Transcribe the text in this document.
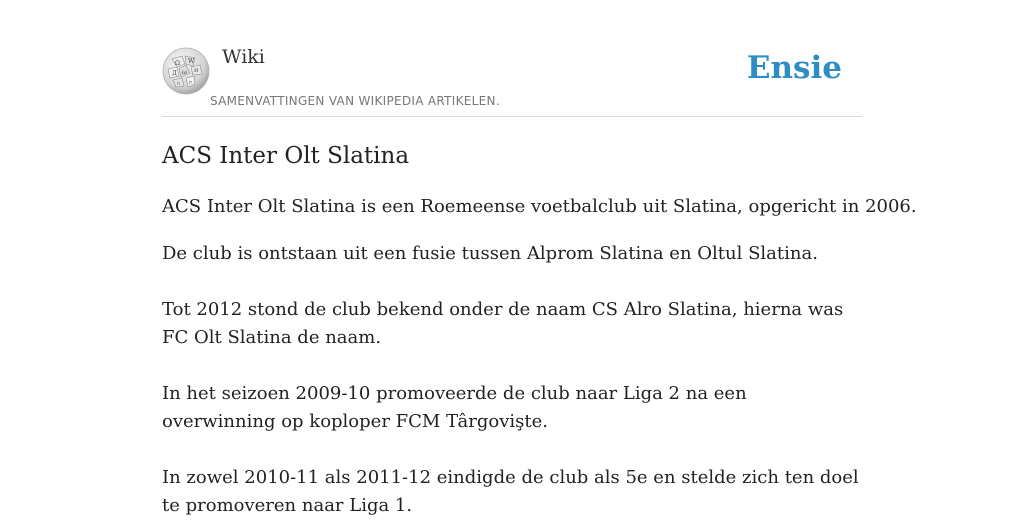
Ω W
Д ω И
ก ת
Wiki
SAMENVATTINGEN VAN WIKIPEDIA ARTIKELEN.
Ensie
ACS Inter Olt Slatina

ACS Inter Olt Slatina is een Roemeense voetbalclub uit Slatina, opgericht in 2006.

De club is ontstaan uit een fusie tussen Alprom Slatina en Oltul Slatina.

Tot 2012 stond de club bekend onder de naam CS Alro Slatina, hierna was FC Olt Slatina de naam.

In het seizoen 2009-10 promoveerde de club naar Liga 2 na een overwinning op koploper FCM Târgovişte.

In zowel 2010-11 als 2011-12 eindigde de club als 5e en stelde zich ten doel te promoveren naar Liga 1.
